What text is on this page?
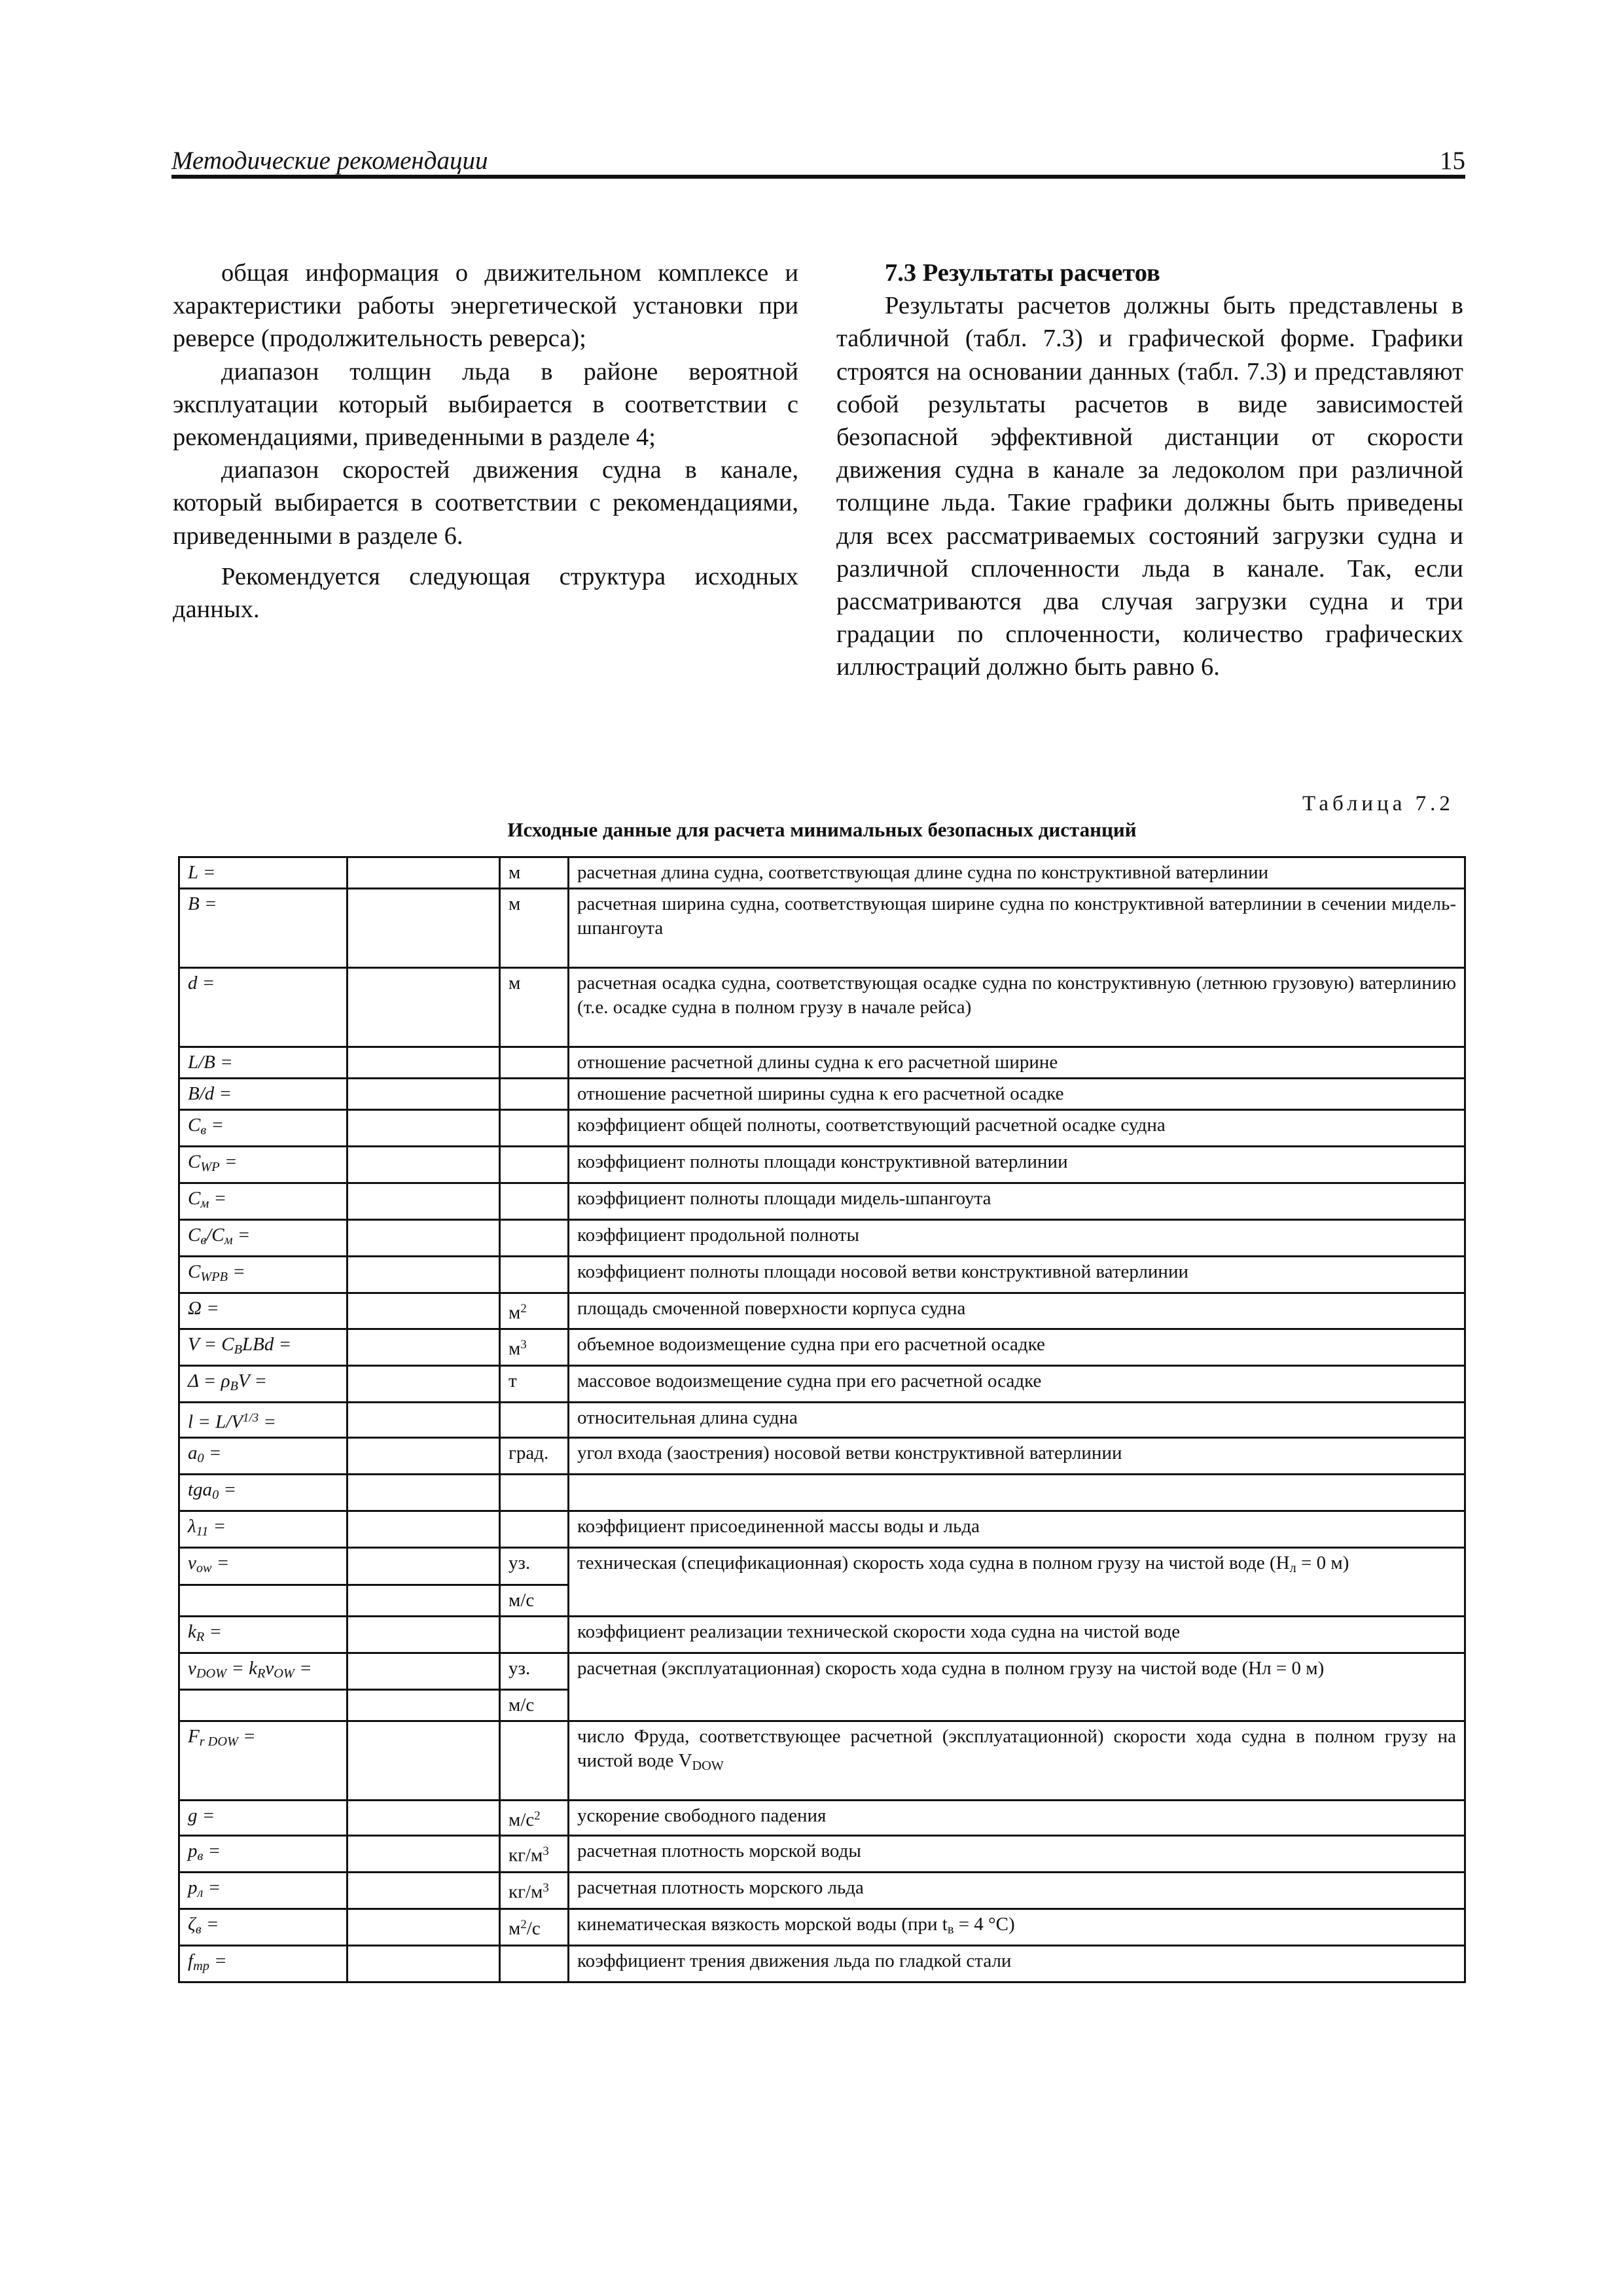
Методические рекомендации	15

общая информация о движительном комплексе и характеристики работы энергетической установки при реверсе (продолжительность реверса);

диапазон толщин льда в районе вероятной эксплуатации который выбирается в соответствии с рекомендациями, приведенными в разделе 4;

диапазон скоростей движения судна в канале, который выбирается в соответствии с рекомендациями, приведенными в разделе 6.

Рекомендуется следующая структура исходных данных.

7.3 Результаты расчетов

Результаты расчетов должны быть представлены в табличной (табл. 7.3) и графической форме. Графики строятся на основании данных (табл. 7.3) и представляют собой результаты расчетов в виде зависимостей безопасной эффективной дистанции от скорости движения судна в канале за ледоколом при различной толщине льда. Такие графики должны быть приведены для всех рассматриваемых состояний загрузки судна и различной сплоченности льда в канале. Так, если рассматриваются два случая загрузки судна и три градации по сплоченности, количество графических иллюстраций должно быть равно 6.

Таблица 7.2
Исходные данные для расчета минимальных безопасных дистанций
L =		м	расчетная длина судна, соответствующая длине судна по конструктивной ватерлинии
B =		м	расчетная ширина судна, соответствующая ширине судна по конструктивной ватерлинии в сечении мидель-шпангоута
d =		м	расчетная осадка судна, соответствующая осадке судна по конструктивную (летнюю грузовую) ватерлинию (т.е. осадке судна в полном грузу в начале рейса)
L/B =			отношение расчетной длины судна к его расчетной ширине
B/d =			отношение расчетной ширины судна к его расчетной осадке
$C_в$ =			коэффициент общей полноты, соответствующий расчетной осадке судна
$C_{WP}$ =			коэффициент полноты площади конструктивной ватерлинии
$C_м$ =			коэффициент полноты площади мидель-шпангоута
$C_в/C_м$ =			коэффициент продольной полноты
$C_{WPB}$ =			коэффициент полноты площади носовой ветви конструктивной ватерлинии
Ω =		$м^2$	площадь смоченной поверхности корпуса судна
$V = C_BLBd$ =		$м^3$	объемное водоизмещение судна при его расчетной осадке
$\Delta = \rho_BV$ =		т	массовое водоизмещение судна при его расчетной осадке
$l = L/V^{1/3}$ =			относительная длина судна
$a_0$ =		град.	угол входа (заострения) носовой ветви конструктивной ватерлинии
tga$_0$ =			
$\lambda_{11}$ =			коэффициент присоединенной массы воды и льда
$v_{ow}$ =		уз.	техническая (спецификационная) скорость хода судна в полном грузу на чистой воде ($H_л = 0$ м)
		м/с	
$k_R$ =			коэффициент реализации технической скорости хода судна на чистой воде
$v_{DOW} = k_Rv_{OW}$ =		уз.	расчетная (эксплуатационная) скорость хода судна в полном грузу на чистой воде (Нл = 0 м)
		м/с	
$F_{r DOW}$ =			число Фруда, соответствующее расчетной (эксплуатационной) скорости хода судна в полном грузу на чистой воде $V_{DOW}$
g =		$м/с^2$	ускорение свободного падения
$p_в$ =		$кг/м^3$	расчетная плотность морской воды
$p_л$ =		$кг/м^3$	расчетная плотность морского льда
$\zeta_в$ =		$м^2/с$	кинематическая вязкость морской воды (при $t_в = 4$ °С)
$f_{тр}$ =			коэффициент трения движения льда по гладкой стали
